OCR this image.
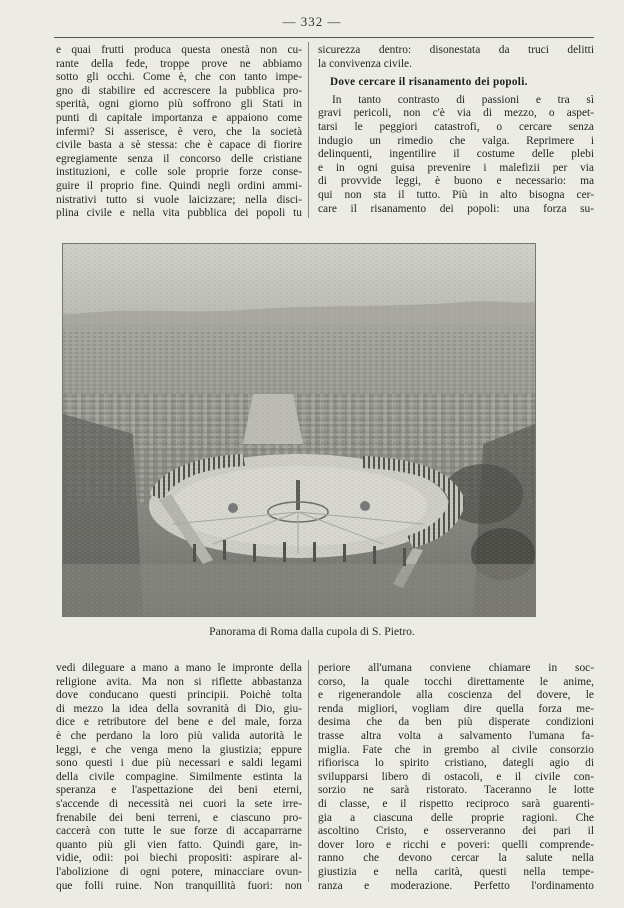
— 332 —
e quai frutti produca questa onestà non cu-
rante della fede, troppe prove ne abbiamo
sotto gli occhi. Come è, che con tanto impe-
gno di stabilire ed accrescere la pubblica pro-
sperità, ogni giorno più soffrono gli Stati in
punti di capitale importanza e appaiono come
infermi? Si asserisce, è vero, che la società
civile basta a sè stessa: che è capace di fiorire
egregiamente senza il concorso delle cristiane
instituzioni, e colle sole proprie forze conse-
guire il proprio fine. Quindi negli ordini ammi-
nistrativi tutto si vuole laicizzare; nella disci-
plina civile e nella vita pubblica dei popoli tu
sicurezza dentro: disonestata da truci delitti
la convivenza civile.
Dove cercare il risanamento dei popoli.
In tanto contrasto di passioni e tra sì
gravi pericoli, non c'è via di mezzo, o aspet-
tarsi le peggiori catastrofi, o cercare senza
indugio un rimedio che valga. Reprimere i
delinquenti, ingentilire il costume delle plebi
e in ogni guisa prevenire i malefizii per via
di provvide leggi, è buono e necessario: ma
qui non sta il tutto. Più in alto bisogna cer-
care il risanamento dei popoli: una forza su-
Panorama di Roma dalla cupola di S. Pietro.
vedi dileguare a mano a mano le impronte della
religione avita. Ma non si riflette abbastanza
dove conducano questi principii. Poichè tolta
di mezzo la idea della sovranità di Dio, giu-
dice e retributore del bene e del male, forza
è che perdano la loro più valida autorità le
leggi, e che venga meno la giustizia; eppure
sono questi i due più necessari e saldi legami
della civile compagine. Similmente estinta la
speranza e l'aspettazione dei beni eterni,
s'accende di necessità nei cuori la sete irre-
frenabile dei beni terreni, e ciascuno pro-
caccerà con tutte le sue forze di accaparrarne
quanto più gli vien fatto. Quindi gare, in-
vidie, odii: poi biechi propositi: aspirare al-
l'abolizione di ogni potere, minacciare ovun-
que folli ruine. Non tranquillità fuori: non
periore all'umana conviene chiamare in soc-
corso, la quale tocchi direttamente le anime,
e rigenerandole alla coscienza del dovere, le
renda migliori, vogliam dire quella forza me-
desima che da ben più disperate condizioni
trasse altra volta a salvamento l'umana fa-
miglia. Fate che in grembo al civile consorzio
rifiorisca lo spirito cristiano, dategli agio di
svilupparsi libero di ostacoli, e il civile con-
sorzio ne sarà ristorato. Taceranno le lotte
di classe, e il rispetto reciproco sarà guarenti-
gia a ciascuna delle proprie ragioni. Che
ascoltino Cristo, e osserveranno dei pari il
dover loro e ricchi e poveri: quelli comprende-
ranno che devono cercar la salute nella
giustizia e nella carità, questi nella tempe-
ranza e moderazione. Perfetto l'ordinamento
